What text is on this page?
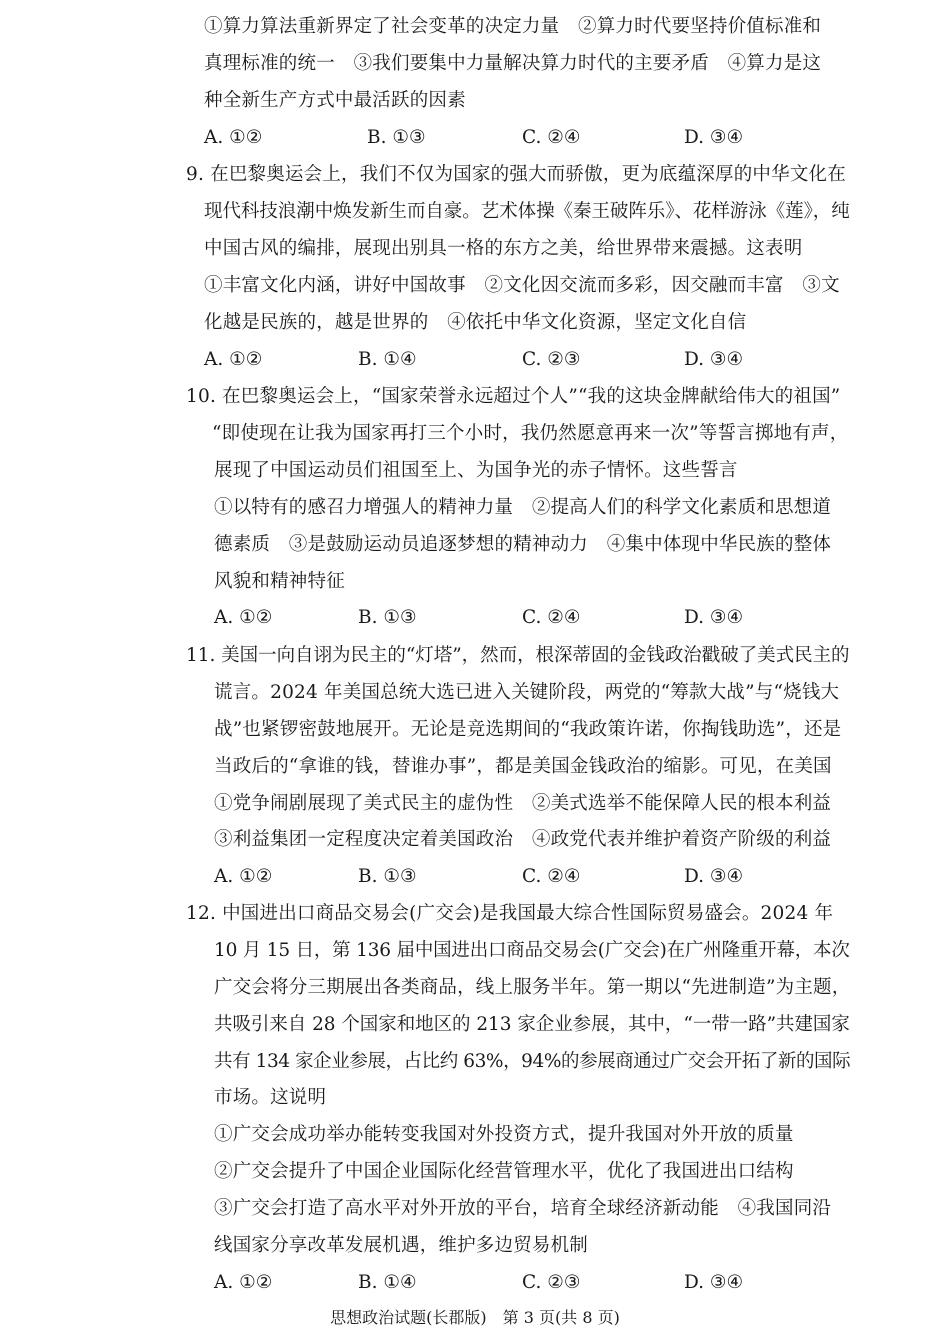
①算力算法重新界定了社会变革的决定力量　②算力时代要坚持价值标准和
真理标准的统一　③我们要集中力量解决算力时代的主要矛盾　④算力是这
种全新生产方式中最活跃的因素
A. ①②	B. ①③	C. ②④	D. ③④
9. 在巴黎奥运会上，我们不仅为国家的强大而骄傲，更为底蕴深厚的中华文化在
现代科技浪潮中焕发新生而自豪。艺术体操《秦王破阵乐》、花样游泳《莲》，纯
中国古风的编排，展现出别具一格的东方之美，给世界带来震撼。这表明
①丰富文化内涵，讲好中国故事　②文化因交流而多彩，因交融而丰富　③文
化越是民族的，越是世界的　④依托中华文化资源，坚定文化自信
A. ①②	B. ①④	C. ②③	D. ③④
10. 在巴黎奥运会上，“国家荣誉永远超过个人”“我的这块金牌献给伟大的祖国”
“即使现在让我为国家再打三个小时，我仍然愿意再来一次”等誓言掷地有声，
展现了中国运动员们祖国至上、为国争光的赤子情怀。这些誓言
①以特有的感召力增强人的精神力量　②提高人们的科学文化素质和思想道
德素质　③是鼓励运动员追逐梦想的精神动力　④集中体现中华民族的整体
风貌和精神特征
A. ①②	B. ①③	C. ②④	D. ③④
11. 美国一向自诩为民主的“灯塔”，然而，根深蒂固的金钱政治戳破了美式民主的
谎言。2024 年美国总统大选已进入关键阶段，两党的“筹款大战”与“烧钱大
战”也紧锣密鼓地展开。无论是竞选期间的“我政策许诺，你掏钱助选”，还是
当政后的“拿谁的钱，替谁办事”，都是美国金钱政治的缩影。可见，在美国
①党争闹剧展现了美式民主的虚伪性　②美式选举不能保障人民的根本利益
③利益集团一定程度决定着美国政治　④政党代表并维护着资产阶级的利益
A. ①②	B. ①③	C. ②④	D. ③④
12. 中国进出口商品交易会(广交会)是我国最大综合性国际贸易盛会。2024 年
10 月 15 日，第 136 届中国进出口商品交易会(广交会)在广州隆重开幕，本次
广交会将分三期展出各类商品，线上服务半年。第一期以“先进制造”为主题，
共吸引来自 28 个国家和地区的 213 家企业参展，其中，“一带一路”共建国家
共有 134 家企业参展，占比约 63%，94%的参展商通过广交会开拓了新的国际
市场。这说明
①广交会成功举办能转变我国对外投资方式，提升我国对外开放的质量
②广交会提升了中国企业国际化经营管理水平，优化了我国进出口结构
③广交会打造了高水平对外开放的平台，培育全球经济新动能　④我国同沿
线国家分享改革发展机遇，维护多边贸易机制
A. ①②	B. ①④	C. ②③	D. ③④
思想政治试题(长郡版)　第 3 页(共 8 页)
